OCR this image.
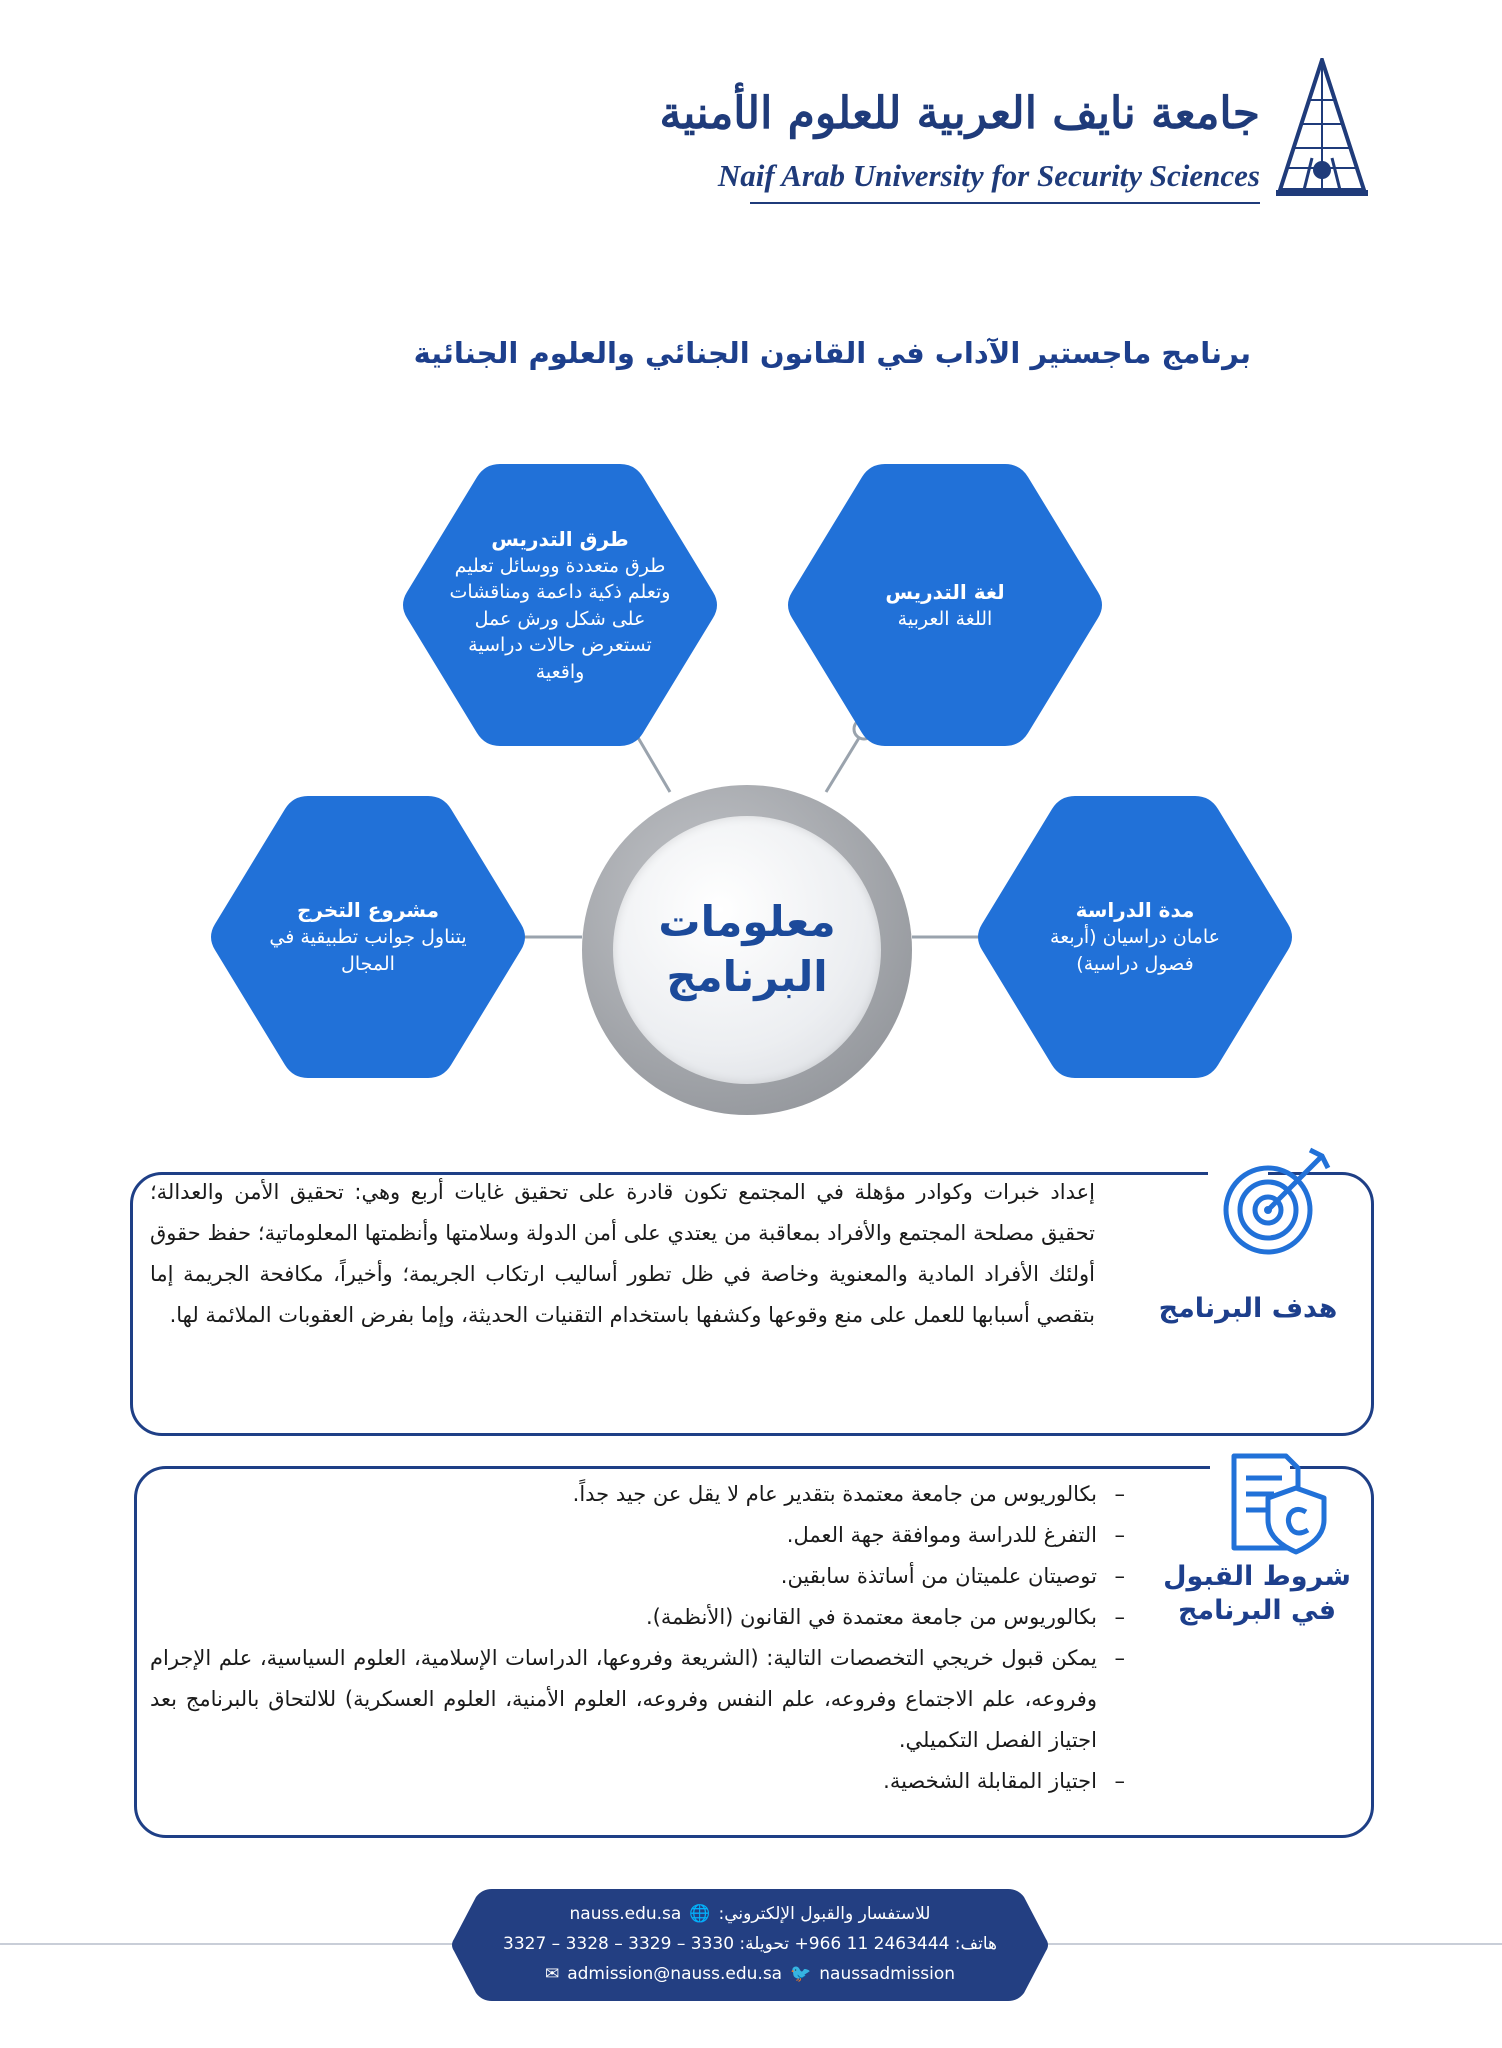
جامعة نايف العربية للعلوم الأمنية
Naif Arab University for Security Sciences
برنامج ماجستير الآداب في القانون الجنائي والعلوم الجنائية
طرق التدريس
طرق متعددة ووسائل تعليم وتعلم ذكية داعمة ومناقشات على شكل ورش عمل تستعرض حالات دراسية واقعية
لغة التدريس
اللغة العربية
مشروع التخرج
يتناول جوانب تطبيقية في المجال
مدة الدراسة
عامان دراسيان (أربعة فصول دراسية)
معلومات
البرنامج
إعداد خبرات وكوادر مؤهلة في المجتمع تكون قادرة على تحقيق غايات أربع وهي: تحقيق الأمن والعدالة؛ تحقيق مصلحة المجتمع والأفراد بمعاقبة من يعتدي على أمن الدولة وسلامتها وأنظمتها المعلوماتية؛ حفظ حقوق أولئك الأفراد المادية والمعنوية وخاصة في ظل تطور أساليب ارتكاب الجريمة؛ وأخيراً، مكافحة الجريمة إما بتقصي أسبابها للعمل على منع وقوعها وكشفها باستخدام التقنيات الحديثة، وإما بفرض العقوبات الملائمة لها.	هدف البرنامج
– بكالوريوس من جامعة معتمدة بتقدير عام لا يقل عن جيد جداً.
– التفرغ للدراسة وموافقة جهة العمل.
– توصيتان علميتان من أساتذة سابقين.
– بكالوريوس من جامعة معتمدة في القانون (الأنظمة).
– يمكن قبول خريجي التخصصات التالية: (الشريعة وفروعها، الدراسات الإسلامية، العلوم السياسية، علم الإجرام وفروعه، علم الاجتماع وفروعه، علم النفس وفروعه، العلوم الأمنية، العلوم العسكرية) للالتحاق بالبرنامج بعد اجتياز الفصل التكميلي.
– اجتياز المقابلة الشخصية.
شروط القبول
في البرنامج
للاستفسار والقبول الإلكتروني:
🌐
nauss.edu.sa
هاتف: 2463444 11 966+ تحويلة: 3330 – 3329 – 3328 – 3327
naussadmission
🐦
admission@nauss.edu.sa
✉
